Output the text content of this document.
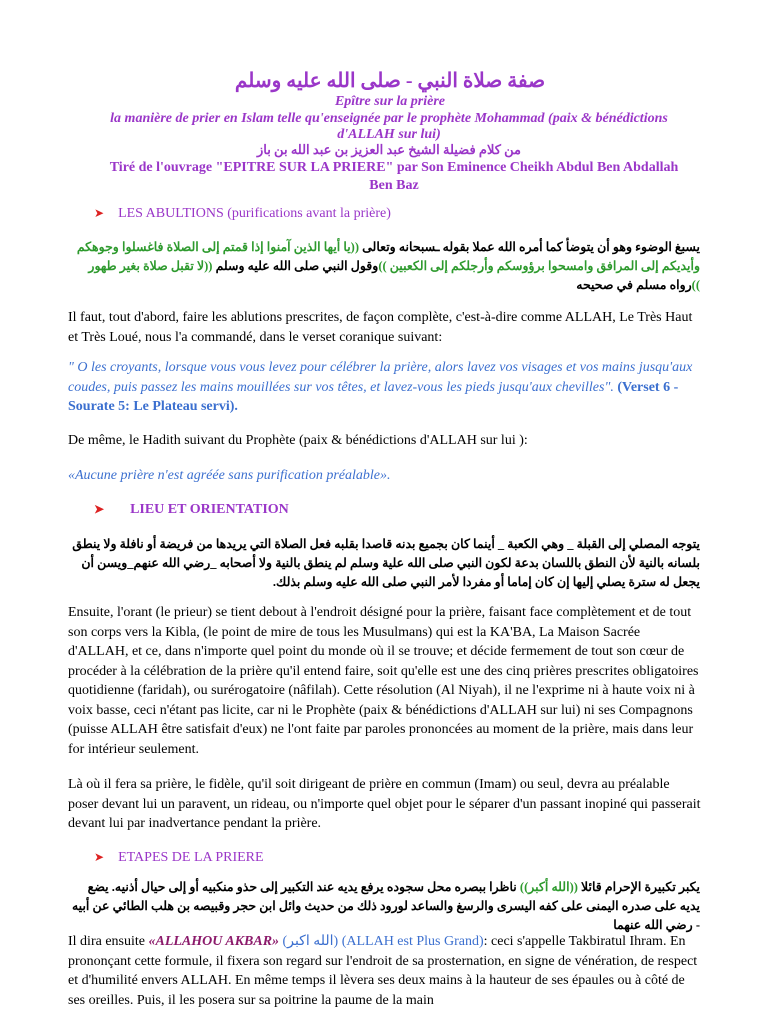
صفة صلاة النبي - صلى الله عليه وسلم
Epître sur la prière
la manière de prier en Islam telle qu'enseignée par le prophète Mohammad (paix & bénédictions d'ALLAH sur lui)
من كلام فضيلة الشيخ عبد العزيز بن عبد الله بن باز
Tiré de l'ouvrage "EPITRE SUR LA PRIERE" par Son Eminence Cheikh Abdul Ben Abdallah Ben Baz
➤ LES ABULTIONS (purifications avant la prière)
يسبغ الوضوء وهو أن يتوضأ كما أمره الله عملا بقوله ـسبحانه وتعالى ((يا أيها الذين آمنوا إذا قمتم إلى الصلاة فاغسلوا وجوهكم وأيديكم إلى المرافق وامسحوا برؤوسكم وأرجلكم إلى الكعبين ))وقول النبي صلى الله عليه وسلم ((لا تقبل صلاة بغير طهور ))رواه مسلم في صحيحه
Il faut, tout d'abord, faire les ablutions prescrites, de façon complète, c'est-à-dire comme ALLAH, Le Très Haut et Très Loué, nous l'a commandé, dans le verset coranique suivant:
" O les croyants, lorsque vous vous levez pour célébrer la prière, alors lavez vos visages et vos mains jusqu'aux coudes, puis passez les mains mouillées sur vos têtes, et lavez-vous les pieds jusqu'aux chevilles". (Verset 6 - Sourate 5: Le Plateau servi).
De même, le Hadith suivant du Prophète (paix & bénédictions d'ALLAH sur lui ):
«Aucune prière n'est agréée sans purification préalable».
➤ LIEU ET ORIENTATION
يتوجه المصلي إلى القبلة _ وهي الكعبة _ أينما كان بجميع بدنه قاصدا بقلبه فعل الصلاة التي يريدها من فريضة أو نافلة ولا ينطق بلسانه بالنية لأن النطق باللسان بدعة لكون النبي صلى الله علية وسلم لم ينطق بالنية ولا أصحابه _رضي الله عنهم_ويسن أن يجعل له سترة يصلي إليها إن كان إماما أو مفردا لأمر النبي صلى الله عليه وسلم بذلك.
Ensuite, l'orant (le prieur) se tient debout à l'endroit désigné pour la prière, faisant face complètement et de tout son corps vers la Kibla, (le point de mire de tous les Musulmans) qui est la KA'BA, La Maison Sacrée d'ALLAH, et ce, dans n'importe quel point du monde où il se trouve; et décide fermement de tout son cœur de procéder à la célébration de la prière qu'il entend faire, soit qu'elle est une des cinq prières prescrites obligatoires quotidienne (faridah), ou surérogatoire (nâfilah). Cette résolution (Al Niyah), il ne l'exprime ni à haute voix ni à voix basse, ceci n'étant pas licite, car ni le Prophète (paix & bénédictions d'ALLAH sur lui) ni ses Compagnons (puisse ALLAH être satisfait d'eux) ne l'ont faite par paroles prononcées au moment de la prière, mais dans leur for intérieur seulement.
Là où il fera sa prière, le fidèle, qu'il soit dirigeant de prière en commun (Imam) ou seul, devra au préalable poser devant lui un paravent, un rideau, ou n'importe quel objet pour le séparer d'un passant inopiné qui passerait devant lui par inadvertance pendant la prière.
➤ ETAPES DE LA PRIERE
يكبر تكبيرة الإحرام قائلا ((الله أكبر)) ناظرا ببصره محل سجوده يرفع يديه عند التكبير إلى حذو منكبيه أو إلى حيال أذنيه. يضع يديه على صدره اليمنى على كفه اليسرى والرسغ والساعد لورود ذلك من حديث وائل ابن حجر وقبيصه بن هلب الطائي عن أبيه - رضي الله عنهما
Il dira ensuite «ALLAHOU AKBAR» (الله اكبر) (ALLAH est Plus Grand): ceci s'appelle Takbiratul Ihram. En prononçant cette formule, il fixera son regard sur l'endroit de sa prosternation, en signe de vénération, de respect et d'humilité envers ALLAH. En même temps il lèvera ses deux mains à la hauteur de ses épaules ou à côté de ses oreilles. Puis, il les posera sur sa poitrine la paume de la main
